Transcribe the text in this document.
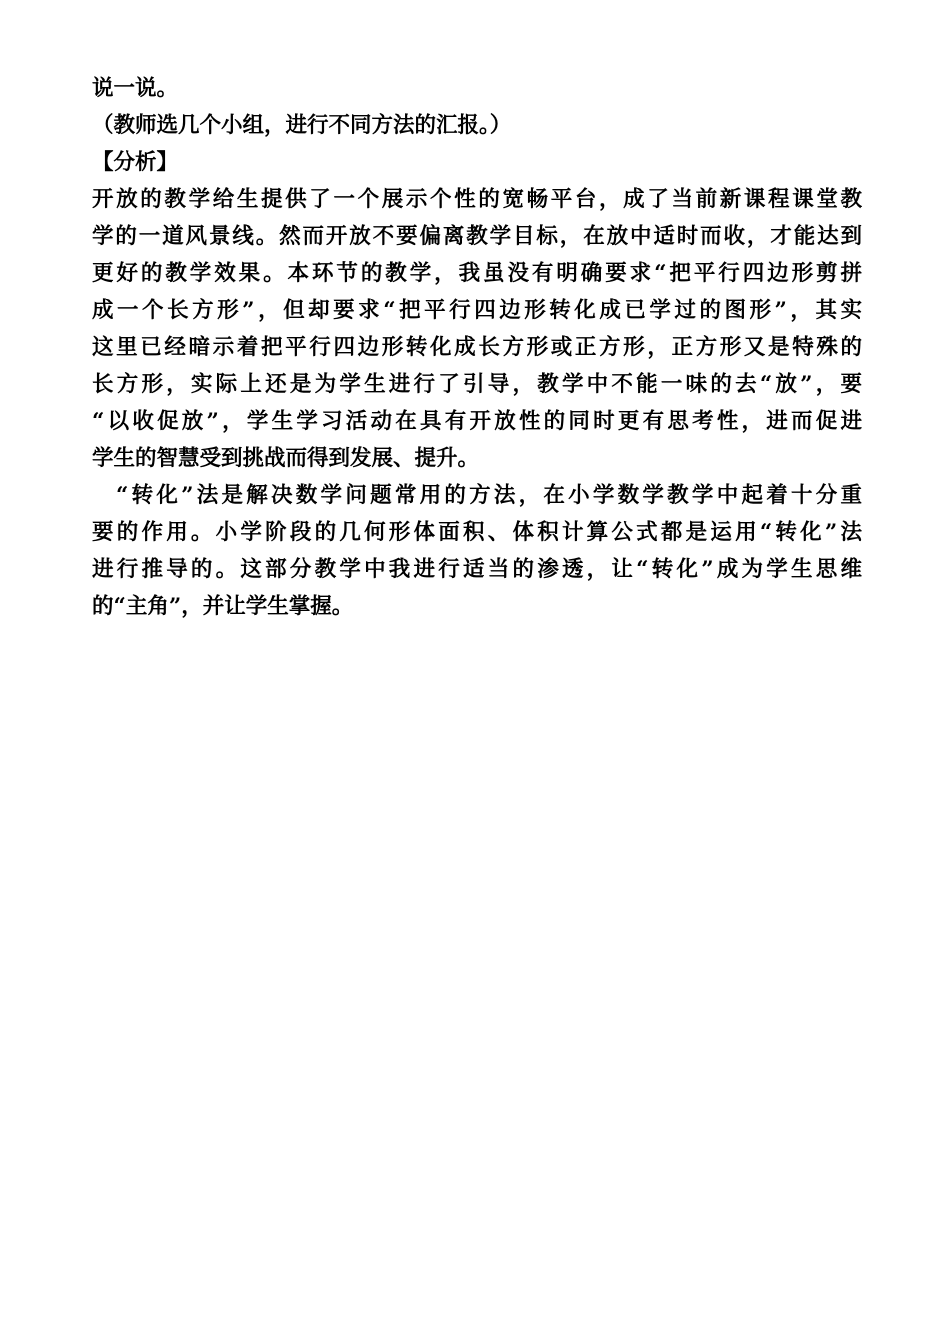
说一说。
（教师选几个小组，进行不同方法的汇报。）
【分析】
开放的教学给生提供了一个展示个性的宽畅平台，成了当前新课程课堂教
学的一道风景线。然而开放不要偏离教学目标，在放中适时而收，才能达到
更好的教学效果。本环节的教学，我虽没有明确要求“把平行四边形剪拼
成一个长方形”，但却要求“把平行四边形转化成已学过的图形”，其实
这里已经暗示着把平行四边形转化成长方形或正方形，正方形又是特殊的
长方形，实际上还是为学生进行了引导，教学中不能一味的去“放”，要
“以收促放”，学生学习活动在具有开放性的同时更有思考性，进而促进
学生的智慧受到挑战而得到发展、提升。
“转化”法是解决数学问题常用的方法，在小学数学教学中起着十分重
要的作用。小学阶段的几何形体面积、体积计算公式都是运用“转化”法
进行推导的。这部分教学中我进行适当的渗透，让“转化”成为学生思维
的“主角”，并让学生掌握。
